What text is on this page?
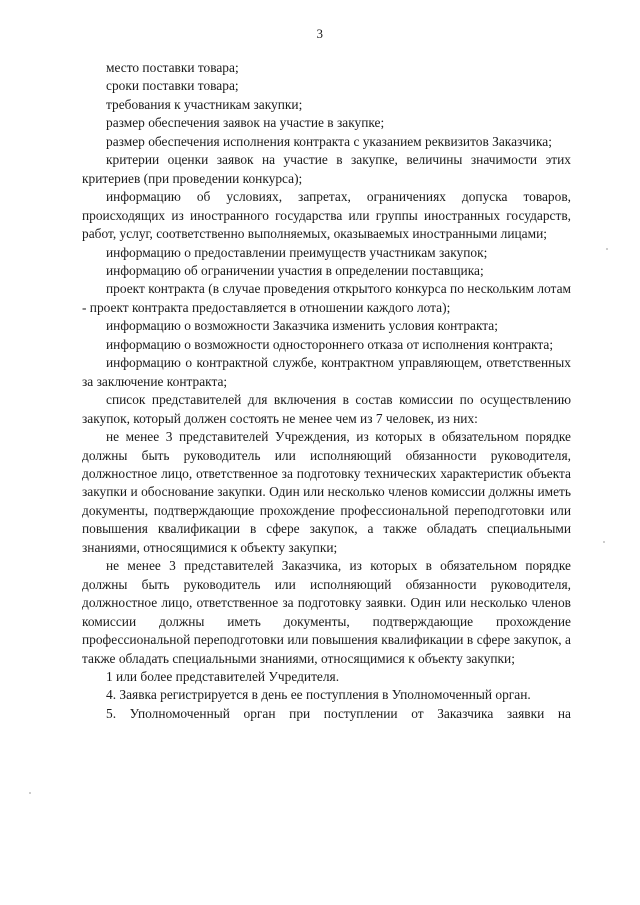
3

место поставки товара;

сроки поставки товара;

требования к участникам закупки;

размер обеспечения заявок на участие в закупке;

размер обеспечения исполнения контракта с указанием реквизитов Заказчика;

критерии оценки заявок на участие в закупке, величины значимости этих критериев (при проведении конкурса);

информацию об условиях, запретах, ограничениях допуска товаров, происходящих из иностранного государства или группы иностранных государств, работ, услуг, соответственно выполняемых, оказываемых иностранными лицами;

информацию о предоставлении преимуществ участникам закупок;

информацию об ограничении участия в определении поставщика;

проект контракта (в случае проведения открытого конкурса по нескольким лотам - проект контракта предоставляется в отношении каждого лота);

информацию о возможности Заказчика изменить условия контракта;

информацию о возможности одностороннего отказа от исполнения контракта;

информацию о контрактной службе, контрактном управляющем, ответственных за заключение контракта;

список представителей для включения в состав комиссии по осуществлению закупок, который должен состоять не менее чем из 7 человек, из них:

не менее 3 представителей Учреждения, из которых в обязательном порядке должны быть руководитель или исполняющий обязанности руководителя, должностное лицо, ответственное за подготовку технических характеристик объекта закупки и обоснование закупки. Один или несколько членов комиссии должны иметь документы, подтверждающие прохождение профессиональной переподготовки или повышения квалификации в сфере закупок, а также обладать специальными знаниями, относящимися к объекту закупки;

не менее 3 представителей Заказчика, из которых в обязательном порядке должны быть руководитель или исполняющий обязанности руководителя, должностное лицо, ответственное за подготовку заявки. Один или несколько членов комиссии должны иметь документы, подтверждающие прохождение профессиональной переподготовки или повышения квалификации в сфере закупок, а также обладать специальными знаниями, относящимися к объекту закупки;

1 или более представителей Учредителя.

4. Заявка регистрируется в день ее поступления в Уполномоченный орган.

5. Уполномоченный орган при поступлении от Заказчика заявки на
